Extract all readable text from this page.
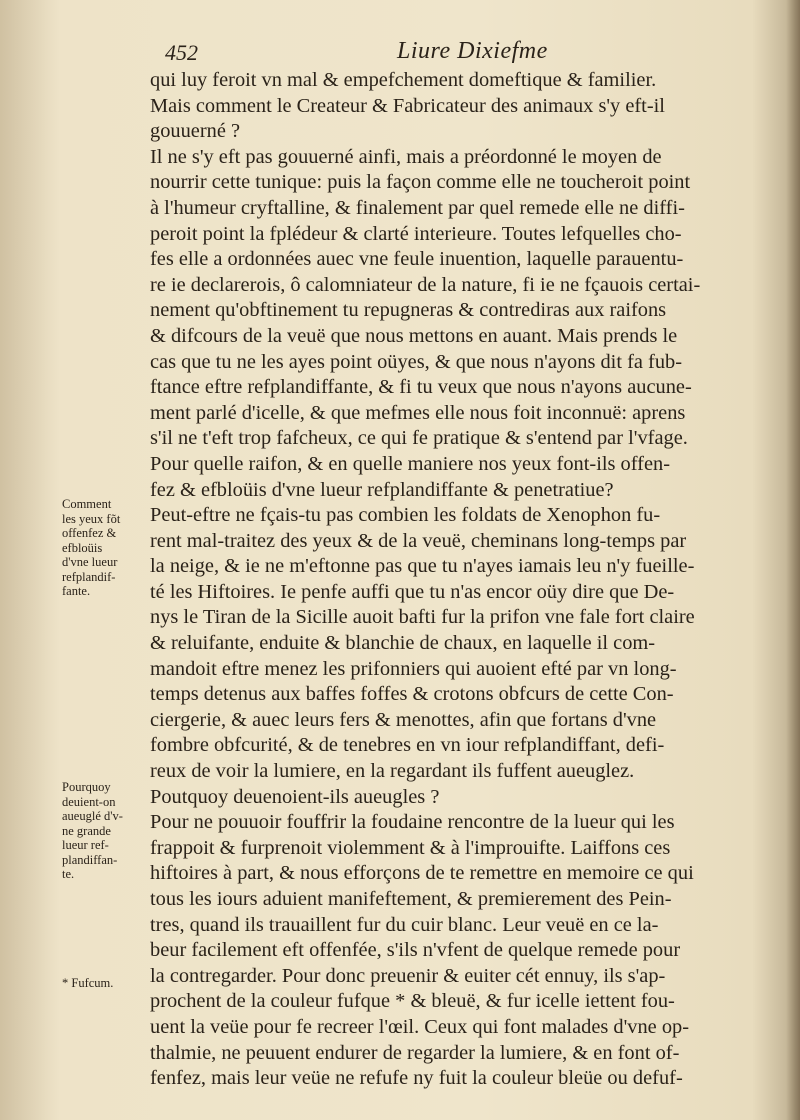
452	Liure Dixiefme
qui luy feroit vn mal & empefchement domeftique & familier.
Mais comment le Createur & Fabricateur des animaux s'y eft-il
gouuerné ?
Il ne s'y eft pas gouuerné ainfi, mais a préordonné le moyen de
nourrir cette tunique: puis la façon comme elle ne toucheroit point
à l'humeur cryftalline, & finalement par quel remede elle ne diffi-
peroit point la fplédeur & clarté interieure. Toutes lefquelles cho-
fes elle a ordonnées auec vne feule inuention, laquelle parauentu-
re ie declarerois, ô calomniateur de la nature, fi ie ne fçauois certai-
nement qu'obftinement tu repugneras & contrediras aux raifons
& difcours de la veuë que nous mettons en auant. Mais prends le
cas que tu ne les ayes point oüyes, & que nous n'ayons dit fa fub-
ftance eftre refplandiffante, & fi tu veux que nous n'ayons aucune-
ment parlé d'icelle, & que mefmes elle nous foit inconnuë: aprens
s'il ne t'eft trop fafcheux, ce qui fe pratique & s'entend par l'vfage.
Pour quelle raifon, & en quelle maniere nos yeux font-ils offen-
fez & efbloüis d'vne lueur refplandiffante & penetratiue?
Peut-eftre ne fçais-tu pas combien les foldats de Xenophon fu-
rent mal-traitez des yeux & de la veuë, cheminans long-temps par
la neige, & ie ne m'eftonne pas que tu n'ayes iamais leu n'y fueille-
té les Hiftoires. Ie penfe auffi que tu n'as encor oüy dire que De-
nys le Tiran de la Sicille auoit bafti fur la prifon vne fale fort claire
& reluifante, enduite & blanchie de chaux, en laquelle il com-
mandoit eftre menez les prifonniers qui auoient efté par vn long-
temps detenus aux baffes foffes & crotons obfcurs de cette Con-
ciergerie, & auec leurs fers & menottes, afin que fortans d'vne
fombre obfcurité, & de tenebres en vn iour refplandiffant, defi-
reux de voir la lumiere, en la regardant ils fuffent aueuglez.
Poutquoy deuenoient-ils aueugles ?
Pour ne pouuoir fouffrir la foudaine rencontre de la lueur qui les
frappoit & furprenoit violemment & à l'improuifte. Laiffons ces
hiftoires à part, & nous efforçons de te remettre en memoire ce qui
tous les iours aduient manifeftement, & premierement des Pein-
tres, quand ils trauaillent fur du cuir blanc. Leur veuë en ce la-
beur facilement eft offenfée, s'ils n'vfent de quelque remede pour
la contregarder. Pour donc preuenir & euiter cét ennuy, ils s'ap-
prochent de la couleur fufque * & bleuë, & fur icelle iettent fou-
uent la veüe pour fe recreer l'œil. Ceux qui font malades d'vne op-
thalmie, ne peuuent endurer de regarder la lumiere, & en font of-
fenfez, mais leur veüe ne refufe ny fuit la couleur bleüe ou defuf-
Comment
les yeux fõt
offenfez &
efbloüis
d'vne lueur
refplandif-
fante.
Pourquoy
deuient-on
aueuglé d'v-
ne grande
lueur ref-
plandiffan-
te.
* Fufcum.
